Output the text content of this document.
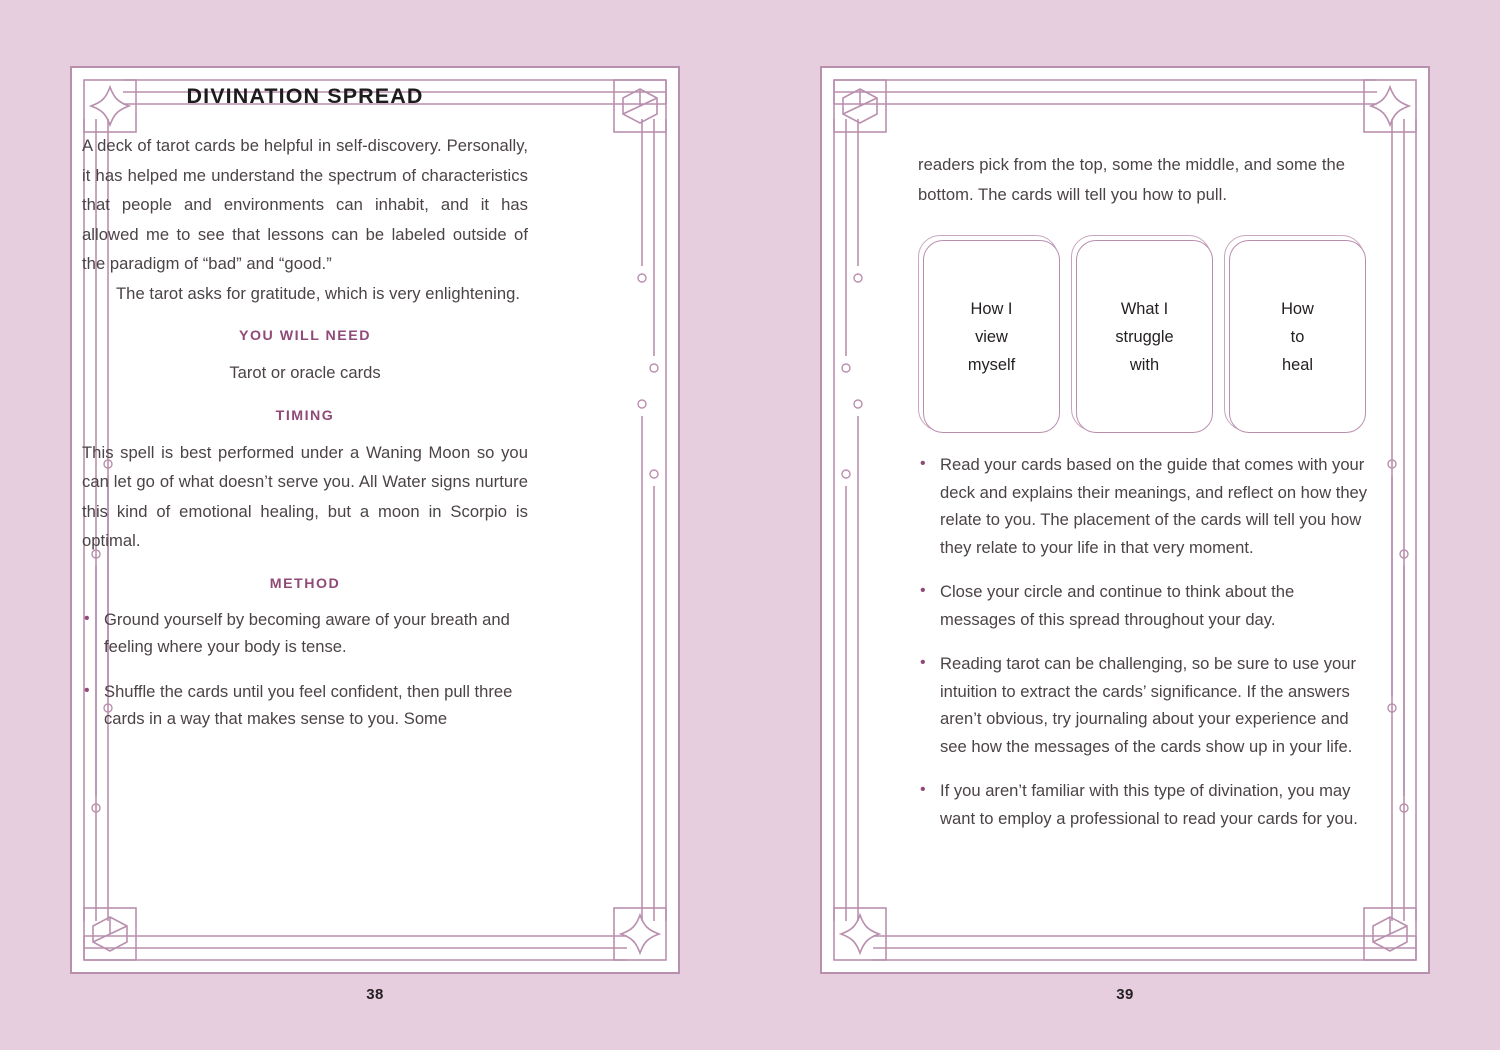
DIVINATION SPREAD

A deck of tarot cards be helpful in self-discovery. Personally, it has helped me understand the spectrum of characteristics that people and environments can inhabit, and it has allowed me to see that lessons can be labeled outside of the paradigm of “bad” and “good.”

The tarot asks for gratitude, which is very enlightening.

YOU WILL NEED

Tarot or oracle cards

TIMING

This spell is best performed under a Waning Moon so you can let go of what doesn’t serve you. All Water signs nurture this kind of emotional healing, but a moon in Scorpio is optimal.

METHOD
• Ground yourself by becoming aware of your breath and feeling where your body is tense.
• Shuffle the cards until you feel confident, then pull three cards in a way that makes sense to you. Some
38

readers pick from the top, some the middle, and some the bottom. The cards will tell you how to pull.

How I
view
myself
What I
struggle
with
How
to
heal
• Read your cards based on the guide that comes with your deck and explains their meanings, and reflect on how they relate to you. The placement of the cards will tell you how they relate to your life in that very moment.
• Close your circle and continue to think about the messages of this spread throughout your day.
• Reading tarot can be challenging, so be sure to use your intuition to extract the cards’ significance. If the answers aren’t obvious, try journaling about your experience and see how the messages of the cards show up in your life.
• If you aren’t familiar with this type of divination, you may want to employ a professional to read your cards for you.
39
